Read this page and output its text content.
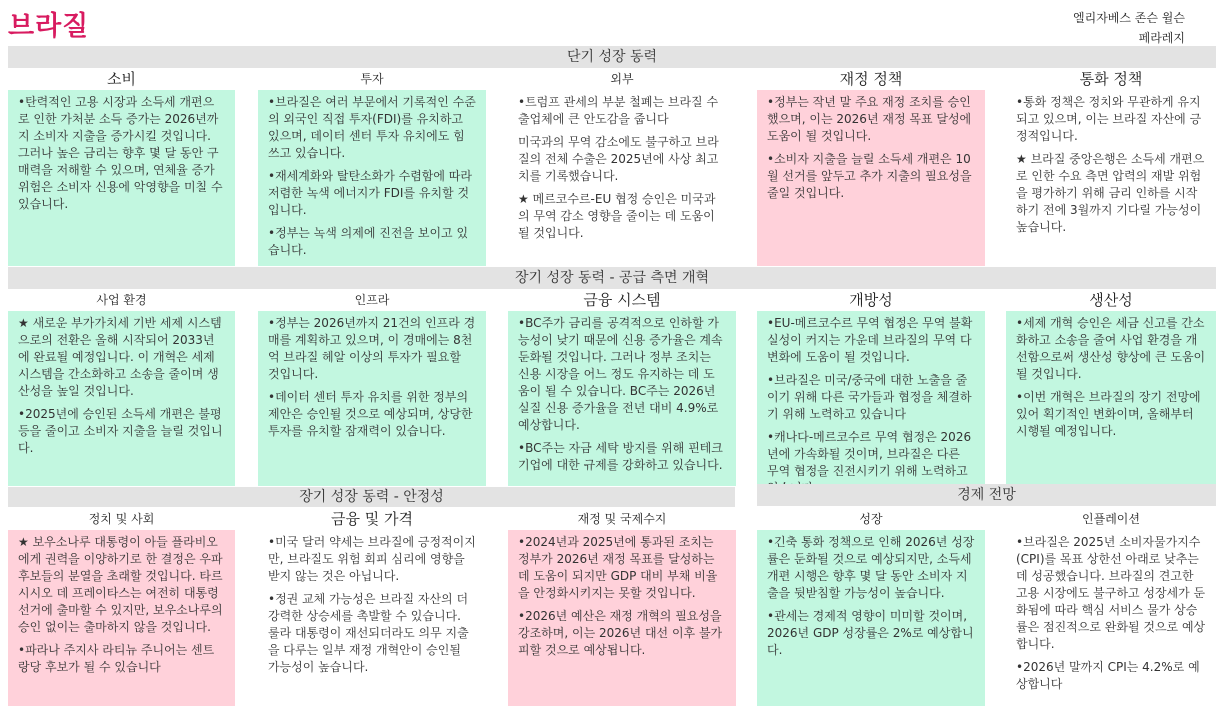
브라질	엘리자베스 존슨 윌슨
페라레지
단기 성장 동력
소비

•탄력적인 고용 시장과 소득세 개편으로 인한 가처분 소득 증가는 2026년까지 소비자 지출을 증가시킬 것입니다. 그러나 높은 금리는 향후 몇 달 동안 구매력을 저해할 수 있으며, 연체율 증가 위험은 소비자 신용에 악영향을 미칠 수 있습니다.

투자

•브라질은 여러 부문에서 기록적인 수준의 외국인 직접 투자(FDI)를 유치하고 있으며, 데이터 센터 투자 유치에도 힘쓰고 있습니다.

•재세계화와 탈탄소화가 수렴함에 따라 저렴한 녹색 에너지가 FDI를 유치할 것입니다.

•정부는 녹색 의제에 진전을 보이고 있습니다.

외부

•트럼프 관세의 부분 철폐는 브라질 수출업체에 큰 안도감을 줍니다

미국과의 무역 감소에도 불구하고 브라질의 전체 수출은 2025년에 사상 최고치를 기록했습니다.

★ 메르코수르-EU 협정 승인은 미국과의 무역 감소 영향을 줄이는 데 도움이 될 것입니다.

재정 정책

•정부는 작년 말 주요 재정 조치를 승인했으며, 이는 2026년 재정 목표 달성에 도움이 될 것입니다.

•소비자 지출을 늘릴 소득세 개편은 10월 선거를 앞두고 추가 지출의 필요성을 줄일 것입니다.

통화 정책

•통화 정책은 정치와 무관하게 유지되고 있으며, 이는 브라질 자산에 긍정적입니다.

★ 브라질 중앙은행은 소득세 개편으로 인한 수요 측면 압력의 재발 위험을 평가하기 위해 금리 인하를 시작하기 전에 3월까지 기다릴 가능성이 높습니다.

장기 성장 동력 - 공급 측면 개혁
사업 환경

★ 새로운 부가가치세 기반 세제 시스템으로의 전환은 올해 시작되어 2033년에 완료될 예정입니다. 이 개혁은 세제 시스템을 간소화하고 소송을 줄이며 생산성을 높일 것입니다.

•2025년에 승인된 소득세 개편은 불평등을 줄이고 소비자 지출을 늘릴 것입니다.

인프라

•정부는 2026년까지 21건의 인프라 경매를 계획하고 있으며, 이 경매에는 8천억 브라질 헤알 이상의 투자가 필요할 것입니다.

•데이터 센터 투자 유치를 위한 정부의 제안은 승인될 것으로 예상되며, 상당한 투자를 유치할 잠재력이 있습니다.

금융 시스템

•BC주가 금리를 공격적으로 인하할 가능성이 낮기 때문에 신용 증가율은 계속 둔화될 것입니다. 그러나 정부 조치는 신용 시장을 어느 정도 유지하는 데 도움이 될 수 있습니다. BC주는 2026년 실질 신용 증가율을 전년 대비 4.9%로 예상합니다.

•BC주는 자금 세탁 방지를 위해 핀테크 기업에 대한 규제를 강화하고 있습니다.

개방성

•EU-메르코수르 무역 협정은 무역 불확실성이 커지는 가운데 브라질의 무역 다변화에 도움이 될 것입니다.

•브라질은 미국/중국에 대한 노출을 줄이기 위해 다른 국가들과 협정을 체결하기 위해 노력하고 있습니다

•캐나다-메르코수르 무역 협정은 2026년에 가속화될 것이며, 브라질은 다른 무역 협정을 진전시키기 위해 노력하고

생산성

•세제 개혁 승인은 세금 신고를 간소화하고 소송을 줄여 사업 환경을 개선함으로써 생산성 향상에 큰 도움이 될 것입니다.

•이번 개혁은 브라질의 장기 전망에 있어 획기적인 변화이며, 올해부터 시행될 예정입니다.

장기 성장 동력 - 안정성	경제 전망
정치 및 사회

★ 보우소나루 대통령이 아들 플라비오에게 권력을 이양하기로 한 결정은 우파 후보들의 분열을 초래할 것입니다. 타르시시오 데 프레이타스는 여전히 대통령 선거에 출마할 수 있지만, 보우소나루의 승인 없이는 출마하지 않을 것입니다.

•파라나 주지사 라티뉴 주니어는 센트랑당 후보가 될 수 있습니다

금융 및 가격

•미국 달러 약세는 브라질에 긍정적이지만, 브라질도 위험 회피 심리에 영향을 받지 않는 것은 아닙니다.

•정권 교체 가능성은 브라질 자산의 더 강력한 상승세를 촉발할 수 있습니다. 룰라 대통령이 재선되더라도 의무 지출을 다루는 일부 재정 개혁안이 승인될 가능성이 높습니다.

재정 및 국제수지

•2024년과 2025년에 통과된 조치는 정부가 2026년 재정 목표를 달성하는 데 도움이 되지만 GDP 대비 부채 비율을 안정화시키지는 못할 것입니다.

•2026년 예산은 재정 개혁의 필요성을 강조하며, 이는 2026년 대선 이후 불가피할 것으로 예상됩니다.

성장

•긴축 통화 정책으로 인해 2026년 성장률은 둔화될 것으로 예상되지만, 소득세 개편 시행은 향후 몇 달 동안 소비자 지출을 뒷받침할 가능성이 높습니다.

•관세는 경제적 영향이 미미할 것이며, 2026년 GDP 성장률은 2%로 예상합니다.

인플레이션

•브라질은 2025년 소비자물가지수(CPI)를 목표 상한선 아래로 낮추는 데 성공했습니다. 브라질의 견고한 고용 시장에도 불구하고 성장세가 둔화됨에 따라 핵심 서비스 물가 상승률은 점진적으로 완화될 것으로 예상합니다.

•2026년 말까지 CPI는 4.2%로 예상합니다
